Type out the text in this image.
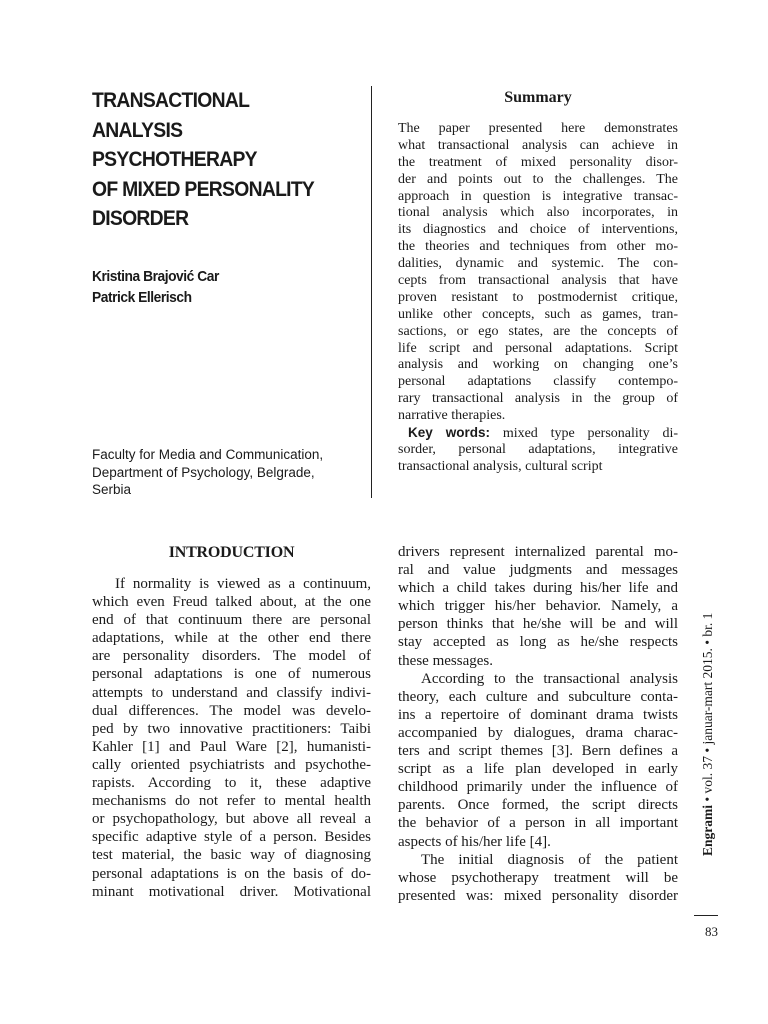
TRANSACTIONAL
ANALYSIS
PSYCHOTHERAPY
OF MIXED PERSONALITY
DISORDER
Kristina Brajović Car
Patrick Ellerisch
Faculty for Media and Communication,
Department of Psychology, Belgrade,
Serbia
Summary
The paper presented here demonstrates
what transactional analysis can achieve in
the treatment of mixed personality disor-
der and points out to the challenges. The
approach in question is integrative transac-
tional analysis which also incorporates, in
its diagnostics and choice of interventions,
the theories and techniques from other mo-
dalities, dynamic and systemic. The con-
cepts from transactional analysis that have
proven resistant to postmodernist critique,
unlike other concepts, such as games, tran-
sactions, or ego states, are the concepts of
life script and personal adaptations. Script
analysis and working on changing one’s
personal adaptations classify contempo-
rary transactional analysis in the group of
narrative therapies.
Key words: mixed type personality di-
sorder, personal adaptations, integrative
transactional analysis, cultural script
INTRODUCTION
If normality is viewed as a continuum,
which even Freud talked about, at the one
end of that continuum there are personal
adaptations, while at the other end there
are personality disorders. The model of
personal adaptations is one of numerous
attempts to understand and classify indivi-
dual differences. The model was develo-
ped by two innovative practitioners: Taibi
Kahler [1] and Paul Ware [2], humanisti-
cally oriented psychiatrists and psychothe-
rapists. According to it, these adaptive
mechanisms do not refer to mental health
or psychopathology, but above all reveal a
specific adaptive style of a person. Besides
test material, the basic way of diagnosing
personal adaptations is on the basis of do-
minant motivational driver. Motivational
drivers represent internalized parental mo-
ral and value judgments and messages
which a child takes during his/her life and
which trigger his/her behavior. Namely, a
person thinks that he/she will be and will
stay accepted as long as he/she respects
these messages.
According to the transactional analysis
theory, each culture and subculture conta-
ins a repertoire of dominant drama twists
accompanied by dialogues, drama charac-
ters and script themes [3]. Bern defines a
script as a life plan developed in early
childhood primarily under the influence of
parents. Once formed, the script directs
the behavior of a person in all important
aspects of his/her life [4].
The initial diagnosis of the patient
whose psychotherapy treatment will be
presented was: mixed personality disorder
Engrami • vol. 37 • januar-mart 2015. • br. 1
83
